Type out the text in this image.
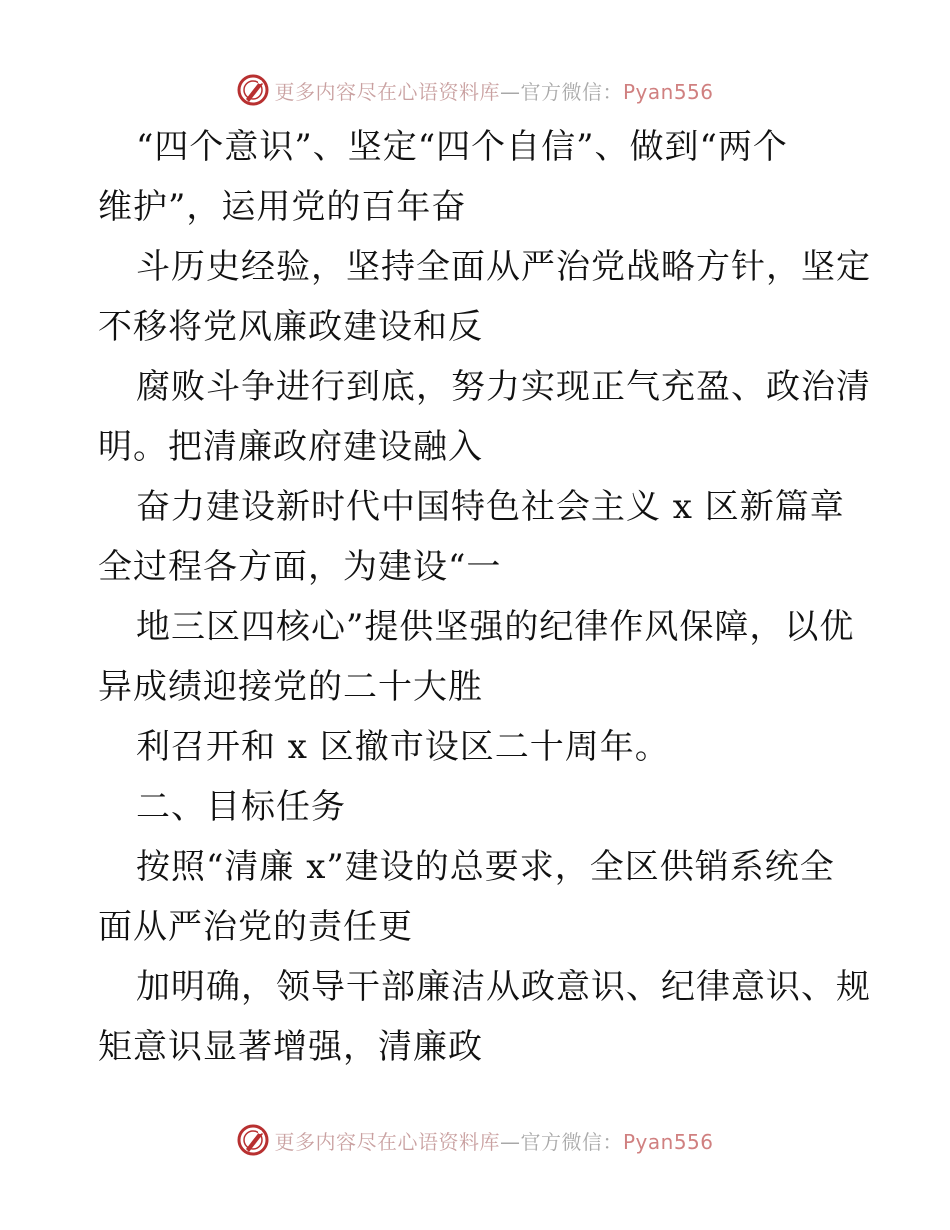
更多内容尽在心语资料库—官方微信：Pyan556
“四个意识”、坚定“四个自信”、做到“两个
维护”，运用党的百年奋
斗历史经验，坚持全面从严治党战略方针，坚定
不移将党风廉政建设和反
腐败斗争进行到底，努力实现正气充盈、政治清
明。把清廉政府建设融入
奋力建设新时代中国特色社会主义 x 区新篇章
全过程各方面，为建设“一
地三区四核心”提供坚强的纪律作风保障，以优
异成绩迎接党的二十大胜
利召开和 x 区撤市设区二十周年。
二、目标任务
按照“清廉 x”建设的总要求，全区供销系统全
面从严治党的责任更
加明确，领导干部廉洁从政意识、纪律意识、规
矩意识显著增强，清廉政
更多内容尽在心语资料库—官方微信：Pyan556
